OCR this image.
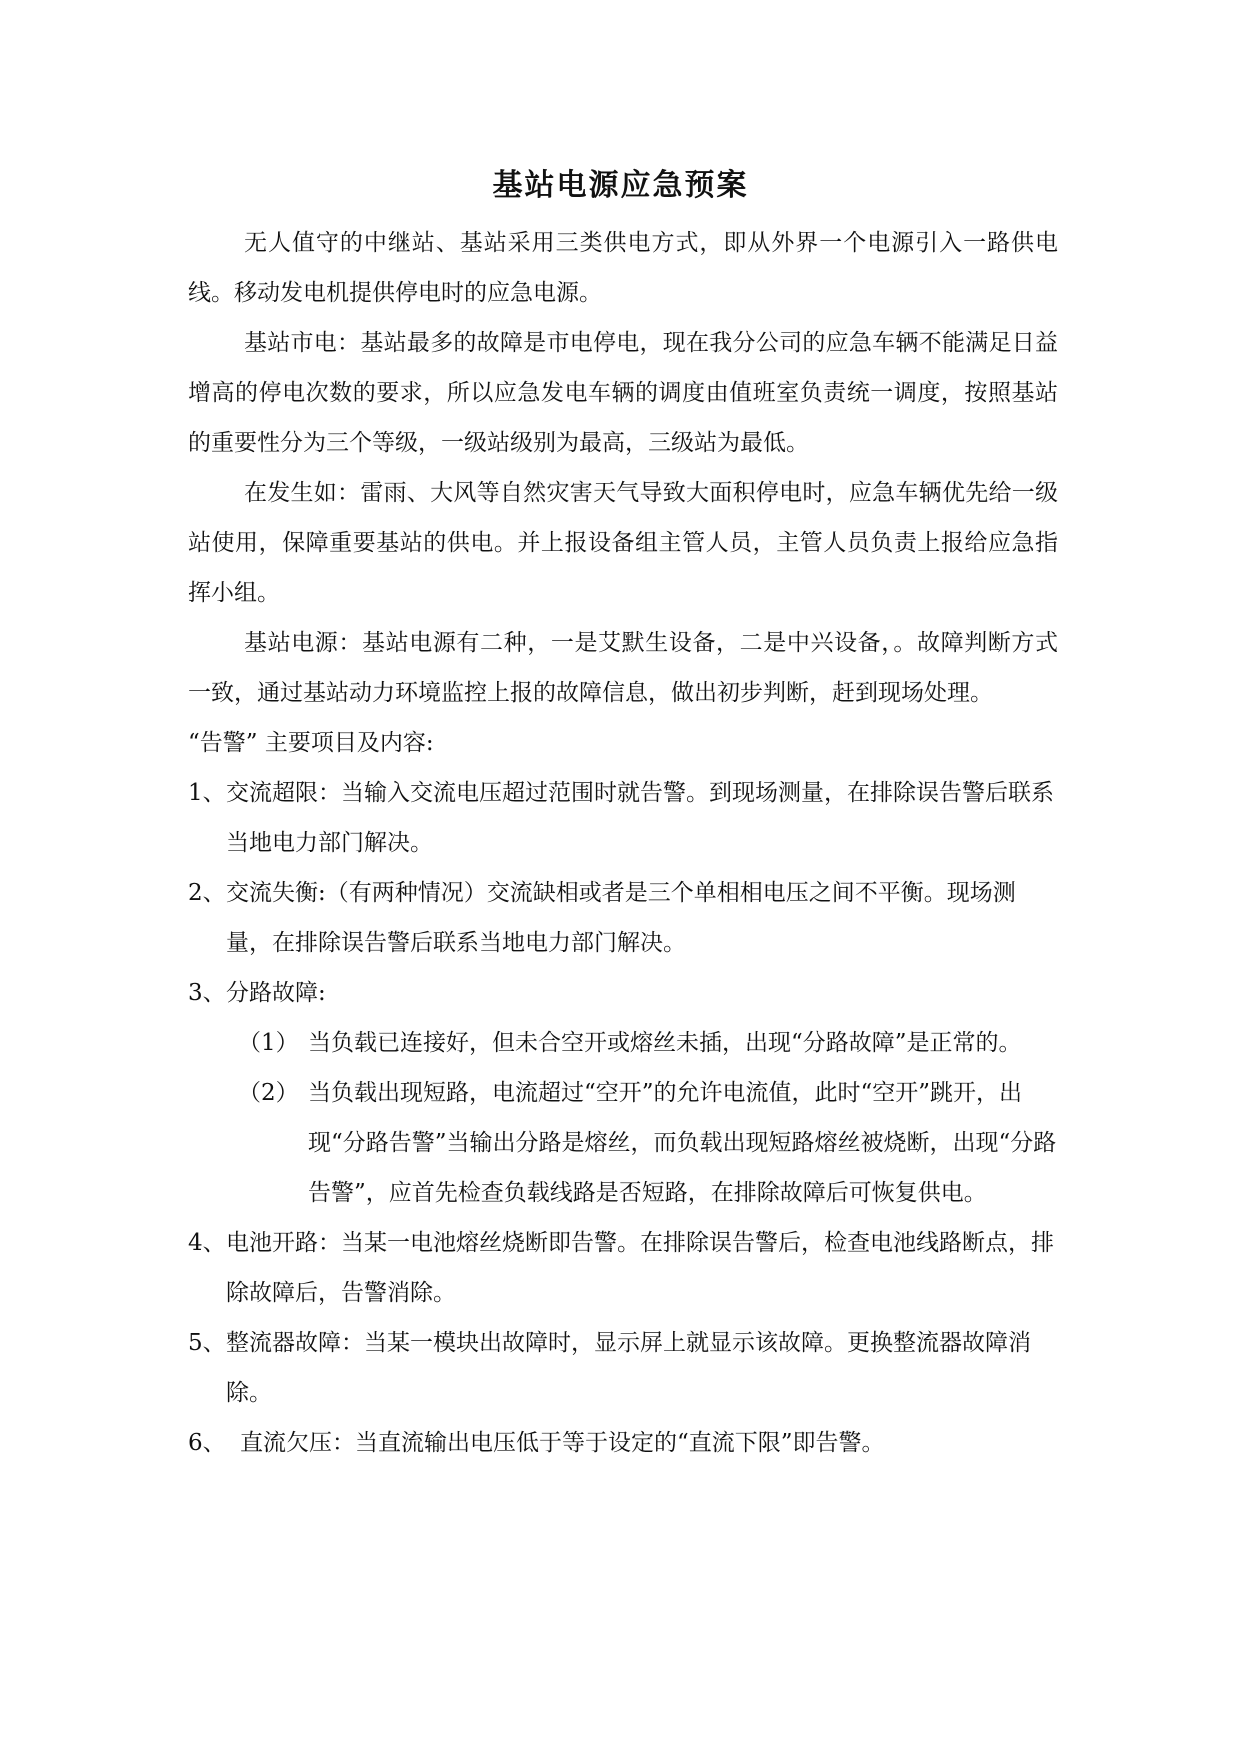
基站电源应急预案

无人值守的中继站、基站采用三类供电方式，即从外界一个电源引入一路供电线。移动发电机提供停电时的应急电源。

基站市电：基站最多的故障是市电停电，现在我分公司的应急车辆不能满足日益增高的停电次数的要求，所以应急发电车辆的调度由值班室负责统一调度，按照基站的重要性分为三个等级，一级站级别为最高，三级站为最低。

在发生如：雷雨、大风等自然灾害天气导致大面积停电时，应急车辆优先给一级站使用，保障重要基站的供电。并上报设备组主管人员，主管人员负责上报给应急指挥小组。

基站电源：基站电源有二种，一是艾默生设备，二是中兴设备，。故障判断方式一致，通过基站动力环境监控上报的故障信息，做出初步判断，赶到现场处理。

“告警” 主要项目及内容:

1、 交流超限：当输入交流电压超过范围时就告警。到现场测量，在排除误告警后联系当地电力部门解决。
2、 交流失衡:（有两种情况）交流缺相或者是三个单相相电压之间不平衡。现场测量，在排除误告警后联系当地电力部门解决。
3、 分路故障:
（1） 当负载已连接好，但未合空开或熔丝未插，出现“分路故障”是正常的。
（2） 当负载出现短路，电流超过“空开”的允许电流值，此时“空开”跳开，出现“分路告警”当输出分路是熔丝，而负载出现短路熔丝被烧断，出现“分路告警”，应首先检查负载线路是否短路，在排除故障后可恢复供电。
4、 电池开路：当某一电池熔丝烧断即告警。在排除误告警后，检查电池线路断点，排除故障后，告警消除。
5、 整流器故障：当某一模块出故障时，显示屏上就显示该故障。更换整流器故障消除。
6、 直流欠压：当直流输出电压低于等于设定的“直流下限”即告警。
